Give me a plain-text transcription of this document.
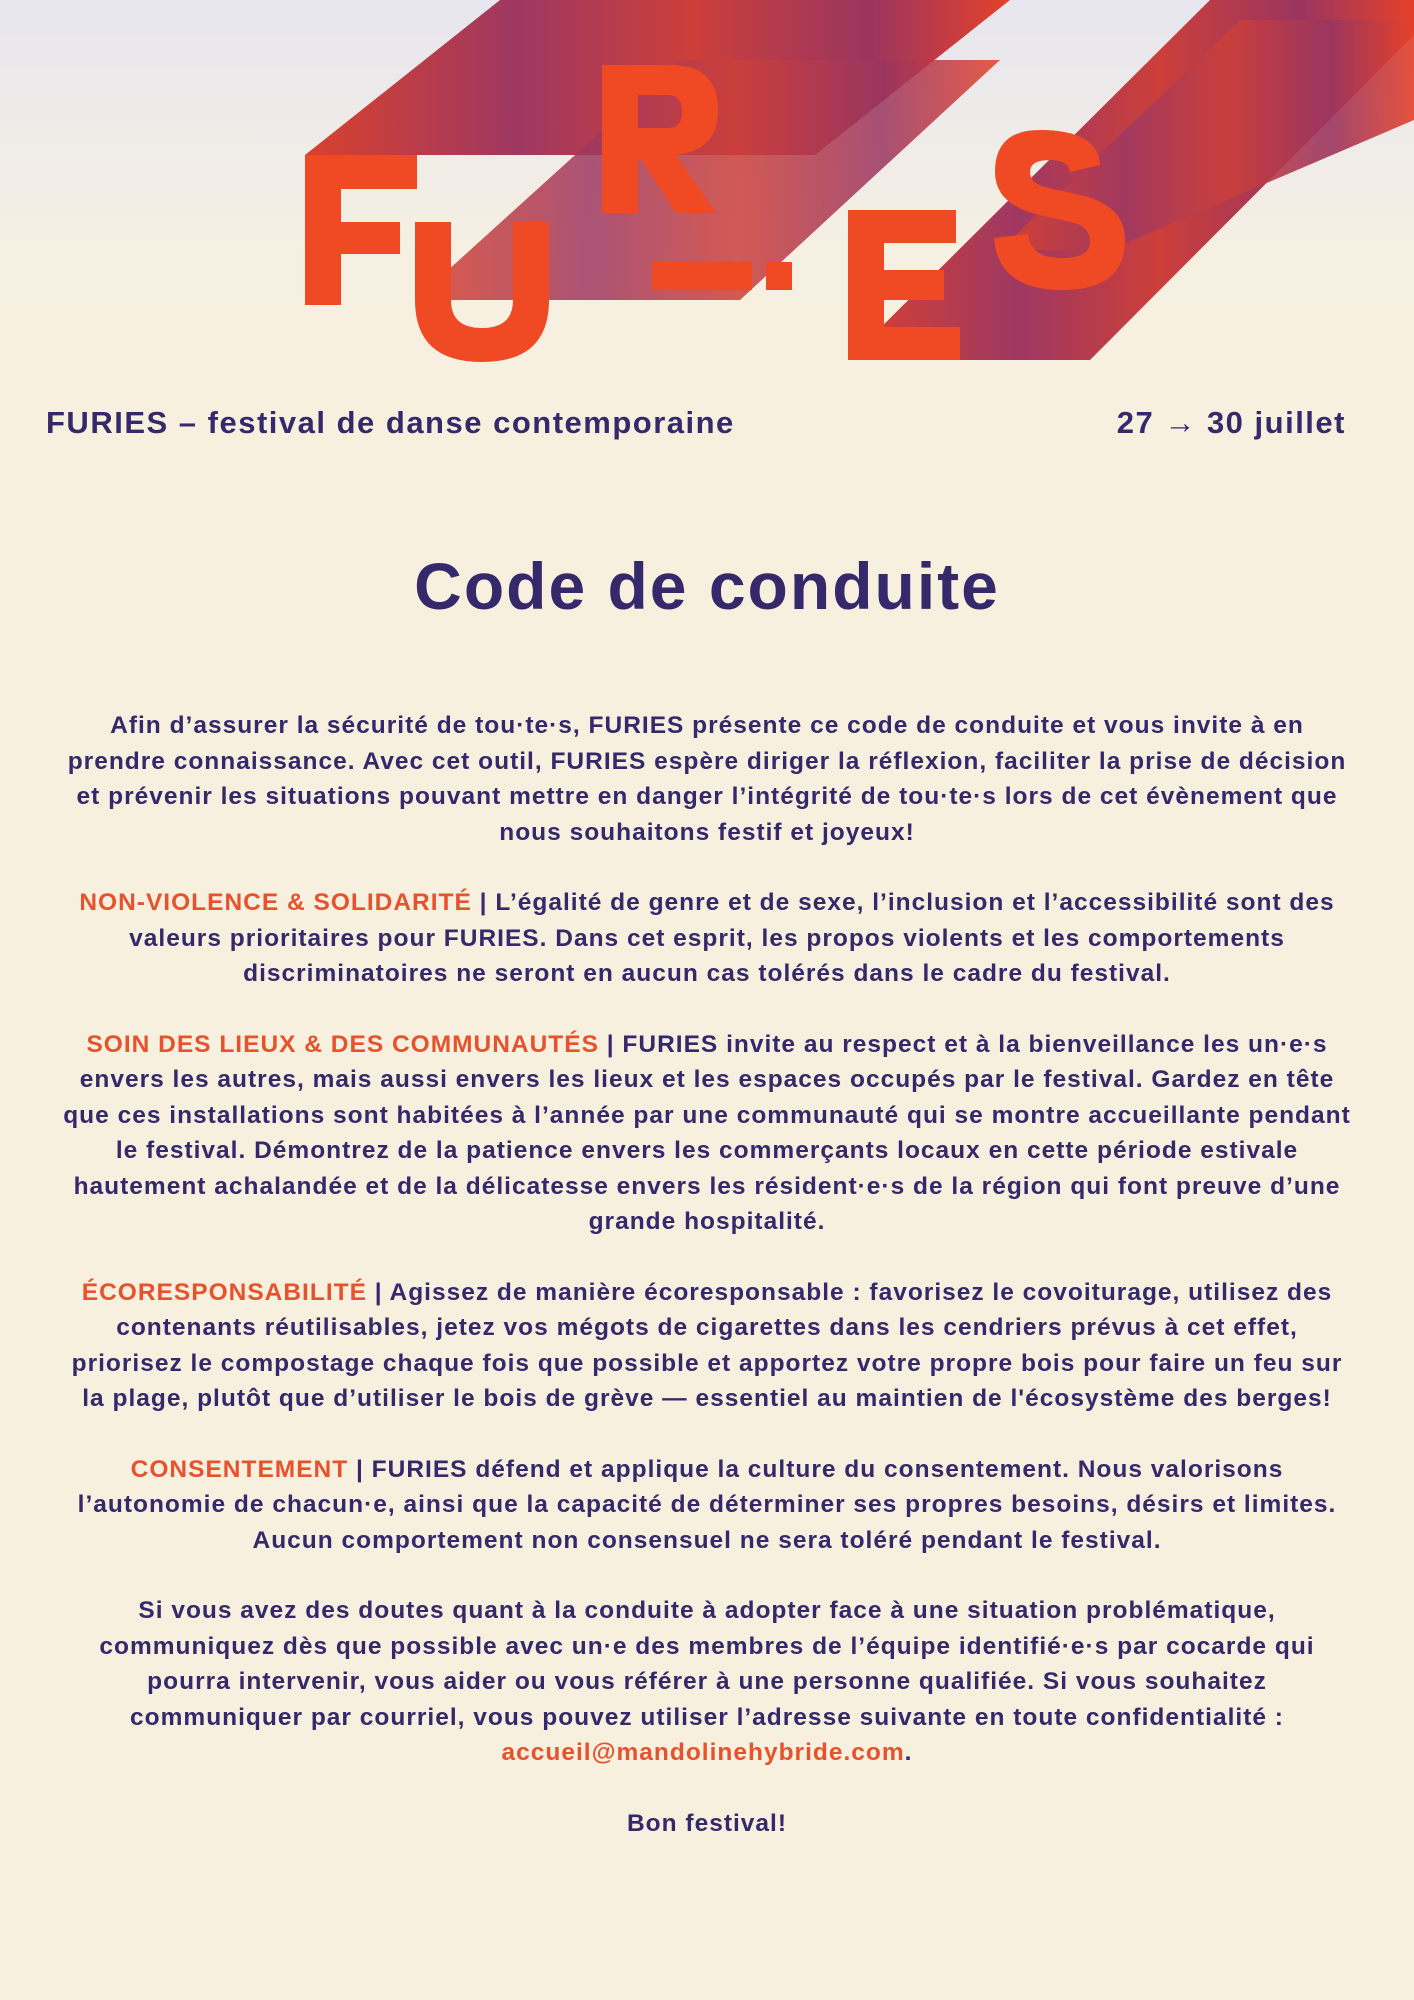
FURIES – festival de danse contemporaine	27 → 30 juillet
Code de conduite

Afin d’assurer la sécurité de tou·te·s, FURIES présente ce code de conduite et vous invite à en prendre connaissance. Avec cet outil, FURIES espère diriger la réflexion, faciliter la prise de décision et prévenir les situations pouvant mettre en danger l’intégrité de tou·te·s lors de cet évènement que nous souhaitons festif et joyeux!

NON-VIOLENCE & SOLIDARITÉ | L’égalité de genre et de sexe, l’inclusion et l’accessibilité sont des valeurs prioritaires pour FURIES. Dans cet esprit, les propos violents et les comportements discriminatoires ne seront en aucun cas tolérés dans le cadre du festival.

SOIN DES LIEUX & DES COMMUNAUTÉS | FURIES invite au respect et à la bienveillance les un·e·s envers les autres, mais aussi envers les lieux et les espaces occupés par le festival. Gardez en tête que ces installations sont habitées à l’année par une communauté qui se montre accueillante pendant le festival. Démontrez de la patience envers les commerçants locaux en cette période estivale hautement achalandée et de la délicatesse envers les résident·e·s de la région qui font preuve d’une grande hospitalité.

ÉCORESPONSABILITÉ | Agissez de manière écoresponsable : favorisez le covoiturage, utilisez des contenants réutilisables, jetez vos mégots de cigarettes dans les cendriers prévus à cet effet, priorisez le compostage chaque fois que possible et apportez votre propre bois pour faire un feu sur la plage, plutôt que d’utiliser le bois de grève — essentiel au maintien de l'écosystème des berges!

CONSENTEMENT | FURIES défend et applique la culture du consentement. Nous valorisons l’autonomie de chacun·e, ainsi que la capacité de déterminer ses propres besoins, désirs et limites. Aucun comportement non consensuel ne sera toléré pendant le festival.

Si vous avez des doutes quant à la conduite à adopter face à une situation problématique, communiquez dès que possible avec un·e des membres de l’équipe identifié·e·s par cocarde qui pourra intervenir, vous aider ou vous référer à une personne qualifiée. Si vous souhaitez communiquer par courriel, vous pouvez utiliser l’adresse suivante en toute confidentialité :
accueil@mandolinehybride.com.

Bon festival!
